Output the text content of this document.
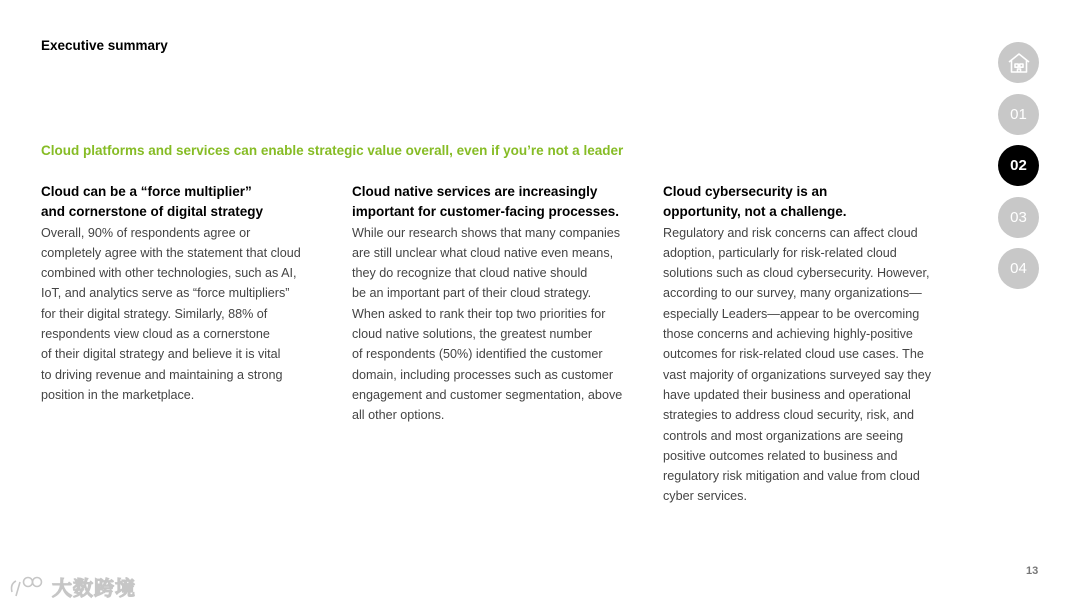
Executive summary
Cloud platforms and services can enable strategic value overall, even if you’re not a leader
Cloud can be a “force multiplier”
and cornerstone of digital strategy

Overall, 90% of respondents agree or
completely agree with the statement that cloud
combined with other technologies, such as AI,
IoT, and analytics serve as “force multipliers”
for their digital strategy. Similarly, 88% of
respondents view cloud as a cornerstone
of their digital strategy and believe it is vital
to driving revenue and maintaining a strong
position in the marketplace.

Cloud native services are increasingly
important for customer-facing processes.

While our research shows that many companies
are still unclear what cloud native even means,
they do recognize that cloud native should
be an important part of their cloud strategy.
When asked to rank their top two priorities for
cloud native solutions, the greatest number
of respondents (50%) identified the customer
domain, including processes such as customer
engagement and customer segmentation, above
all other options.

Cloud cybersecurity is an
opportunity, not a challenge.

Regulatory and risk concerns can affect cloud
adoption, particularly for risk-related cloud
solutions such as cloud cybersecurity. However,
according to our survey, many organizations—
especially Leaders—appear to be overcoming
those concerns and achieving highly-positive
outcomes for risk-related cloud use cases. The
vast majority of organizations surveyed say they
have updated their business and operational
strategies to address cloud security, risk, and
controls and most organizations are seeing
positive outcomes related to business and
regulatory risk mitigation and value from cloud
cyber services.

01
02
03
04
13
大数跨境
